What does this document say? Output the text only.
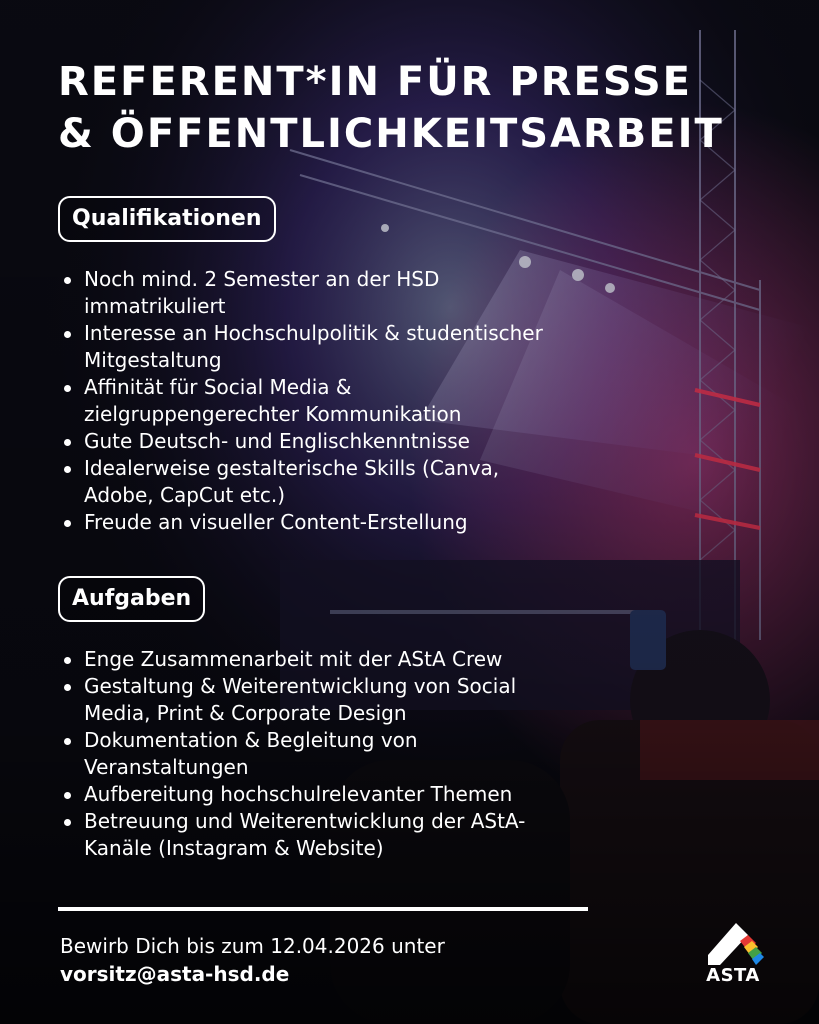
REFERENT*IN FÜR PRESSE
& ÖFFENTLICHKEITSARBEIT
Qualifikationen
Noch mind. 2 Semester an der HSD
immatrikuliert
Interesse an Hochschulpolitik & studentischer
Mitgestaltung
Affinität für Social Media &
zielgruppengerechter Kommunikation
Gute Deutsch- und Englischkenntnisse
Idealerweise gestalterische Skills (Canva,
Adobe, CapCut etc.)
Freude an visueller Content-Erstellung
Aufgaben
Enge Zusammenarbeit mit der AStA Crew
Gestaltung & Weiterentwicklung von Social
Media, Print & Corporate Design
Dokumentation & Begleitung von
Veranstaltungen
Aufbereitung hochschulrelevanter Themen
Betreuung und Weiterentwicklung der AStA-
Kanäle (Instagram & Website)
Bewirb Dich bis zum 12.04.2026 unter
vorsitz@asta-hsd.de	ASTA
